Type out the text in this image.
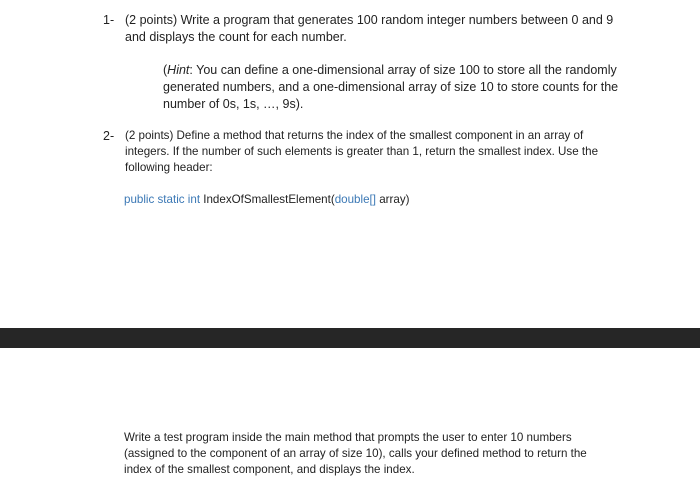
1- (2 points) Write a program that generates 100 random integer numbers between 0 and 9 and displays the count for each number.
(Hint: You can define a one-dimensional array of size 100 to store all the randomly generated numbers, and a one-dimensional array of size 10 to store counts for the number of 0s, 1s, …, 9s).
2- (2 points) Define a method that returns the index of the smallest component in an array of integers. If the number of such elements is greater than 1, return the smallest index. Use the following header:
public static int IndexOfSmallestElement(double[] array)
Write a test program inside the main method that prompts the user to enter 10 numbers (assigned to the component of an array of size 10), calls your defined method to return the index of the smallest component, and displays the index.
